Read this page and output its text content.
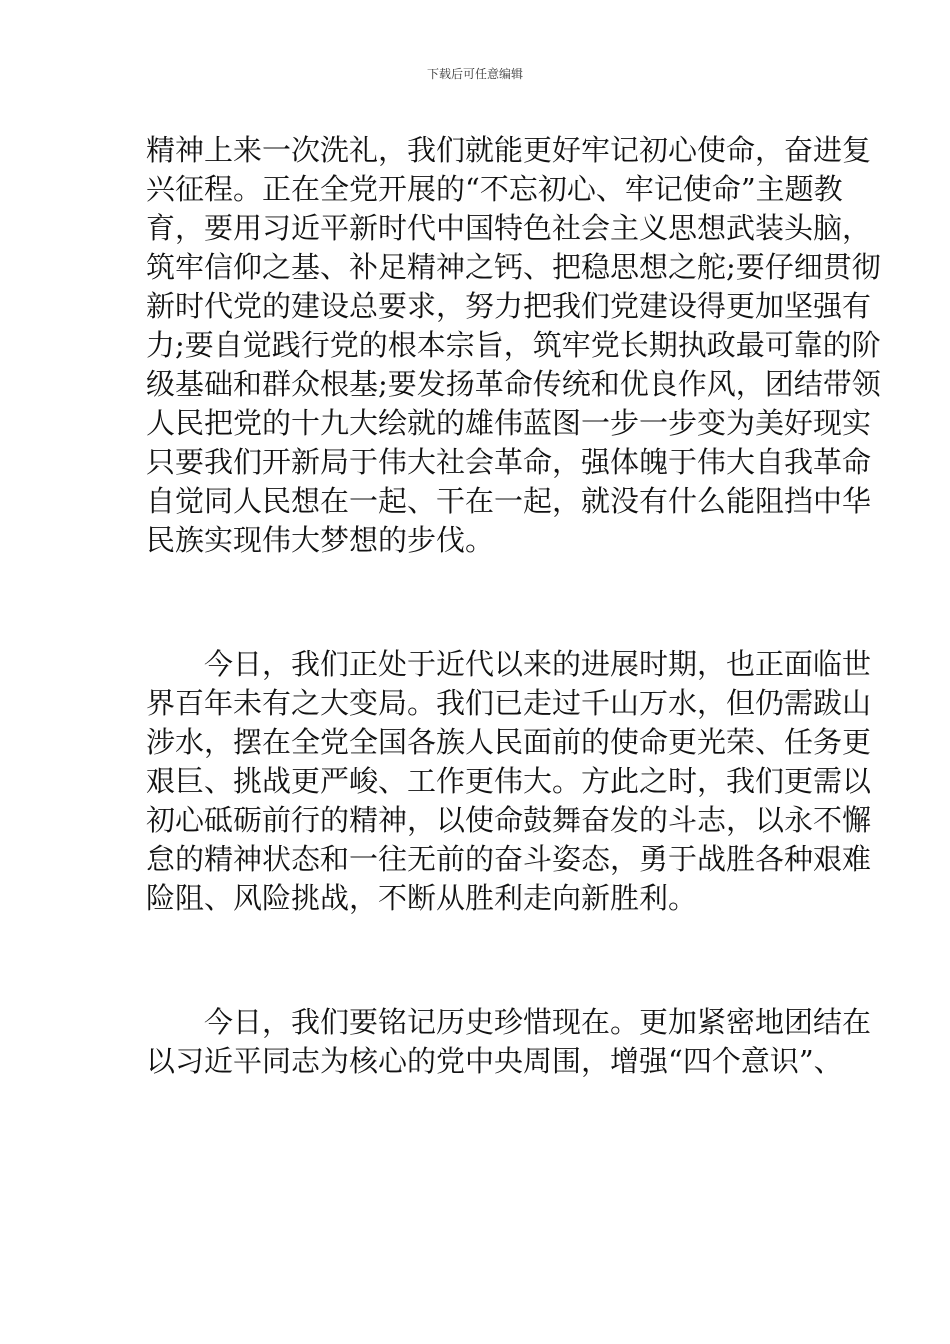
下载后可任意编辑
精神上来一次洗礼，我们就能更好牢记初心使命，奋进复
兴征程。正在全党开展的“不忘初心、牢记使命”主题教
育，要用习近平新时代中国特色社会主义思想武装头脑，
筑牢信仰之基、补足精神之钙、把稳思想之舵;要仔细贯彻
新时代党的建设总要求，努力把我们党建设得更加坚强有
力;要自觉践行党的根本宗旨，筑牢党长期执政最可靠的阶
级基础和群众根基;要发扬革命传统和优良作风，团结带领
人民把党的十九大绘就的雄伟蓝图一步一步变为美好现实
只要我们开新局于伟大社会革命，强体魄于伟大自我革命
自觉同人民想在一起、干在一起，就没有什么能阻挡中华
民族实现伟大梦想的步伐。
今日，我们正处于近代以来的进展时期，也正面临世
界百年未有之大变局。我们已走过千山万水，但仍需跋山
涉水，摆在全党全国各族人民面前的使命更光荣、任务更
艰巨、挑战更严峻、工作更伟大。方此之时，我们更需以
初心砥砺前行的精神，以使命鼓舞奋发的斗志，以永不懈
怠的精神状态和一往无前的奋斗姿态，勇于战胜各种艰难
险阻、风险挑战，不断从胜利走向新胜利。
今日，我们要铭记历史珍惜现在。更加紧密地团结在
以习近平同志为核心的党中央周围，增强“四个意识”、
